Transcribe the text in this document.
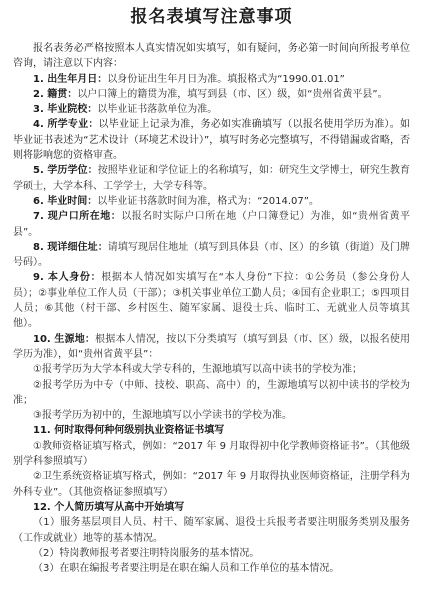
报名表填写注意事项

报名表务必严格按照本人真实情况如实填写，如有疑问，务必第一时间向所报考单位咨询，请注意以下内容：

1. 出生年月日：以身份证出生年月日为准。填报格式为“1990.01.01”

2. 籍贯：以户口簿上的籍贯为准，填写到县（市、区）级，如“贵州省黄平县”。

3. 毕业院校：以毕业证书落款单位为准。

4. 所学专业：以毕业证上记录为准，务必如实准确填写（以报名使用学历为准）。如毕业证书表述为“艺术设计（环境艺术设计）”，填写时务必完整填写，不得错漏或省略，否则将影响您的资格审查。

5. 学历学位：按照毕业证和学位证上的名称填写，如：研究生文学博士，研究生教育学硕士，大学本科、工学学士，大学专科等。

6. 毕业时间：以毕业证书落款时间为准，格式为：“2014.07”。

7. 现户口所在地：以报名时实际户口所在地（户口簿登记）为准，如“贵州省黄平县”。

8. 现详细住址：请填写现居住地址（填写到具体县（市、区）的乡镇（街道）及门牌号码）。

9. 本人身份：根据本人情况如实填写在“本人身份”下拉：①公务员（参公身份人员）；②事业单位工作人员（干部）；③机关事业单位工勤人员；④国有企业职工；⑤四项目人员；⑥其他（村干部、乡村医生、随军家属、退役士兵、临时工、无就业人员等填其他）。

10. 生源地：根据本人情况，按以下分类填写（填写到县（市、区）级，以报名使用学历为准），如“贵州省黄平县”：

①报考学历为大学本科或大学专科的，生源地填写以高中读书的学校为准；

②报考学历为中专（中师、技校、职高、高中）的，生源地填写以初中读书的学校为准；

③报考学历为初中的，生源地填写以小学读书的学校为准。

11. 何时取得何种何级别执业资格证书填写

①教师资格证填写格式，例如：“2017 年 9 月取得初中化学教师资格证书”。（其他级别学科参照填写）

②卫生系统资格证填写格式，例如：“2017 年 9 月取得执业医师资格证，注册学科为外科专业”。（其他资格证参照填写）

12. 个人简历填写从高中开始填写

（1）服务基层项目人员、村干、随军家属、退役士兵报考者要注明服务类别及服务（工作或就业）地等的基本情况。

（2）特岗教师报考者要注明特岗服务的基本情况。

（3）在职在编报考者要注明是在职在编人员和工作单位的基本情况。
